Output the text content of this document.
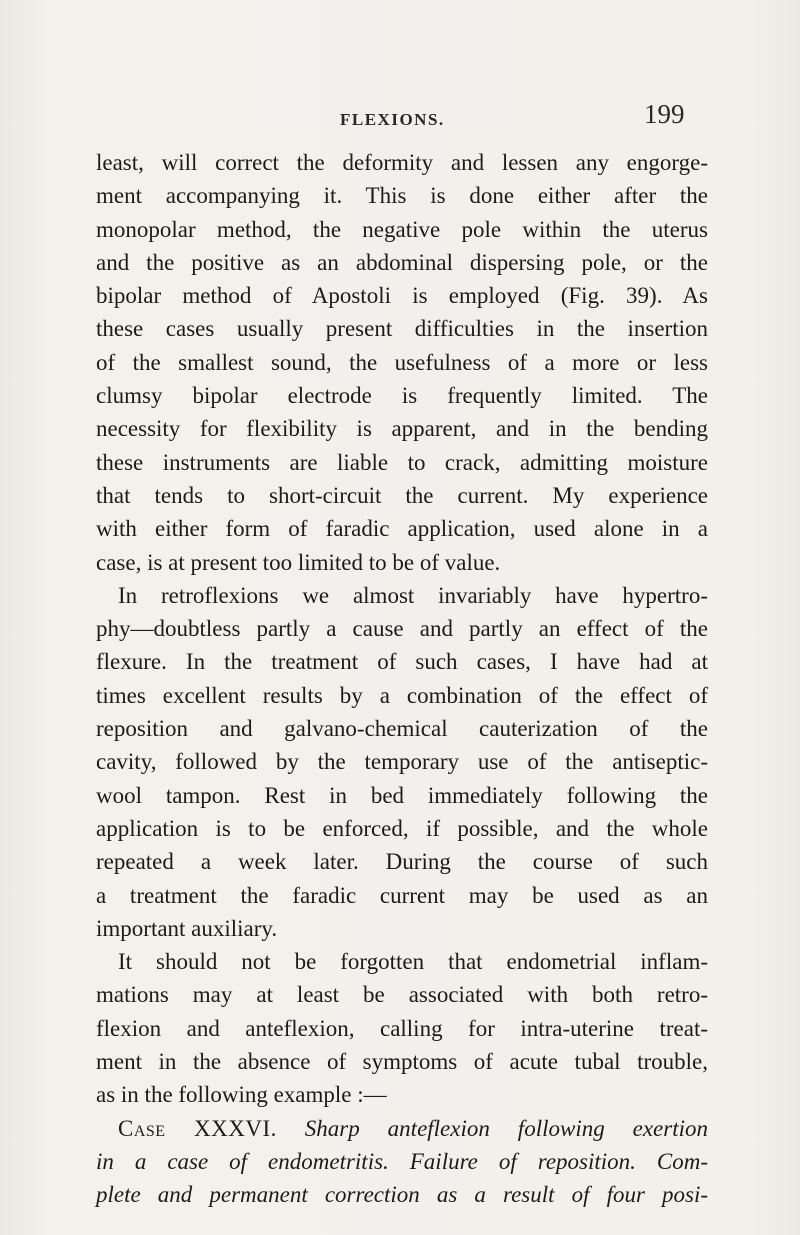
FLEXIONS.	199
least, will correct the deformity and lessen any engorge-
ment accompanying it. This is done either after the
monopolar method, the negative pole within the uterus
and the positive as an abdominal dispersing pole, or the
bipolar method of Apostoli is employed (Fig. 39). As
these cases usually present difficulties in the insertion
of the smallest sound, the usefulness of a more or less
clumsy bipolar electrode is frequently limited. The
necessity for flexibility is apparent, and in the bending
these instruments are liable to crack, admitting moisture
that tends to short-circuit the current. My experience
with either form of faradic application, used alone in a
case, is at present too limited to be of value.
In retroflexions we almost invariably have hypertro-
phy—doubtless partly a cause and partly an effect of the
flexure. In the treatment of such cases, I have had at
times excellent results by a combination of the effect of
reposition and galvano-chemical cauterization of the
cavity, followed by the temporary use of the antiseptic-
wool tampon. Rest in bed immediately following the
application is to be enforced, if possible, and the whole
repeated a week later. During the course of such
a treatment the faradic current may be used as an
important auxiliary.
It should not be forgotten that endometrial inflam-
mations may at least be associated with both retro-
flexion and anteflexion, calling for intra-uterine treat-
ment in the absence of symptoms of acute tubal trouble,
as in the following example :—
Case XXXVI. Sharp anteflexion following exertion
in a case of endometritis. Failure of reposition. Com-
plete and permanent correction as a result of four posi-
